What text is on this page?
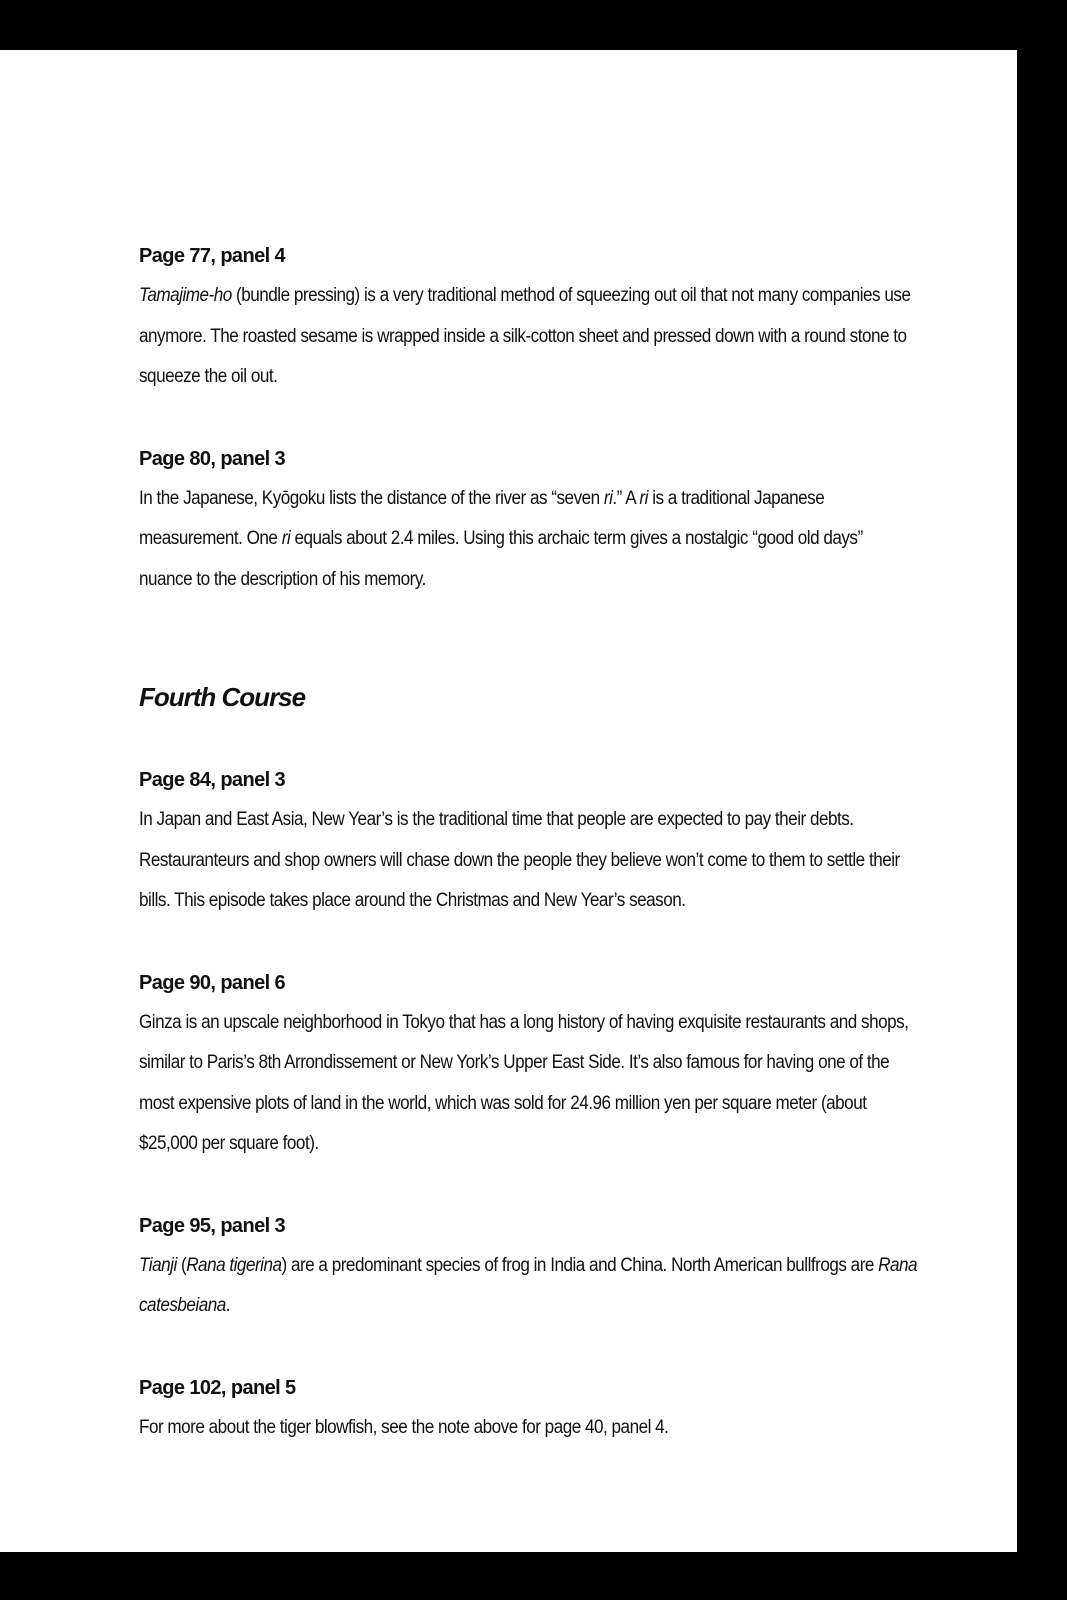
Page 77, panel 4

Tamajime-ho (bundle pressing) is a very traditional method of squeezing out oil that not many companies use anymore. The roasted sesame is wrapped inside a silk-cotton sheet and pressed down with a round stone to squeeze the oil out.

Page 80, panel 3

In the Japanese, Kyōgoku lists the distance of the river as “seven ri.” A ri is a traditional Japanese measurement. One ri equals about 2.4 miles. Using this archaic term gives a nostalgic “good old days” nuance to the description of his memory.

Fourth Course

Page 84, panel 3

In Japan and East Asia, New Year’s is the traditional time that people are expected to pay their debts. Restauranteurs and shop owners will chase down the people they believe won’t come to them to settle their bills. This episode takes place around the Christmas and New Year’s season.

Page 90, panel 6

Ginza is an upscale neighborhood in Tokyo that has a long history of having exquisite restaurants and shops, similar to Paris’s 8th Arrondissement or New York’s Upper East Side. It’s also famous for having one of the most expensive plots of land in the world, which was sold for 24.96 million yen per square meter (about $25,000 per square foot).

Page 95, panel 3

Tianji (Rana tigerina) are a predominant species of frog in India and China. North American bullfrogs are Rana catesbeiana.

Page 102, panel 5

For more about the tiger blowfish, see the note above for page 40, panel 4.
